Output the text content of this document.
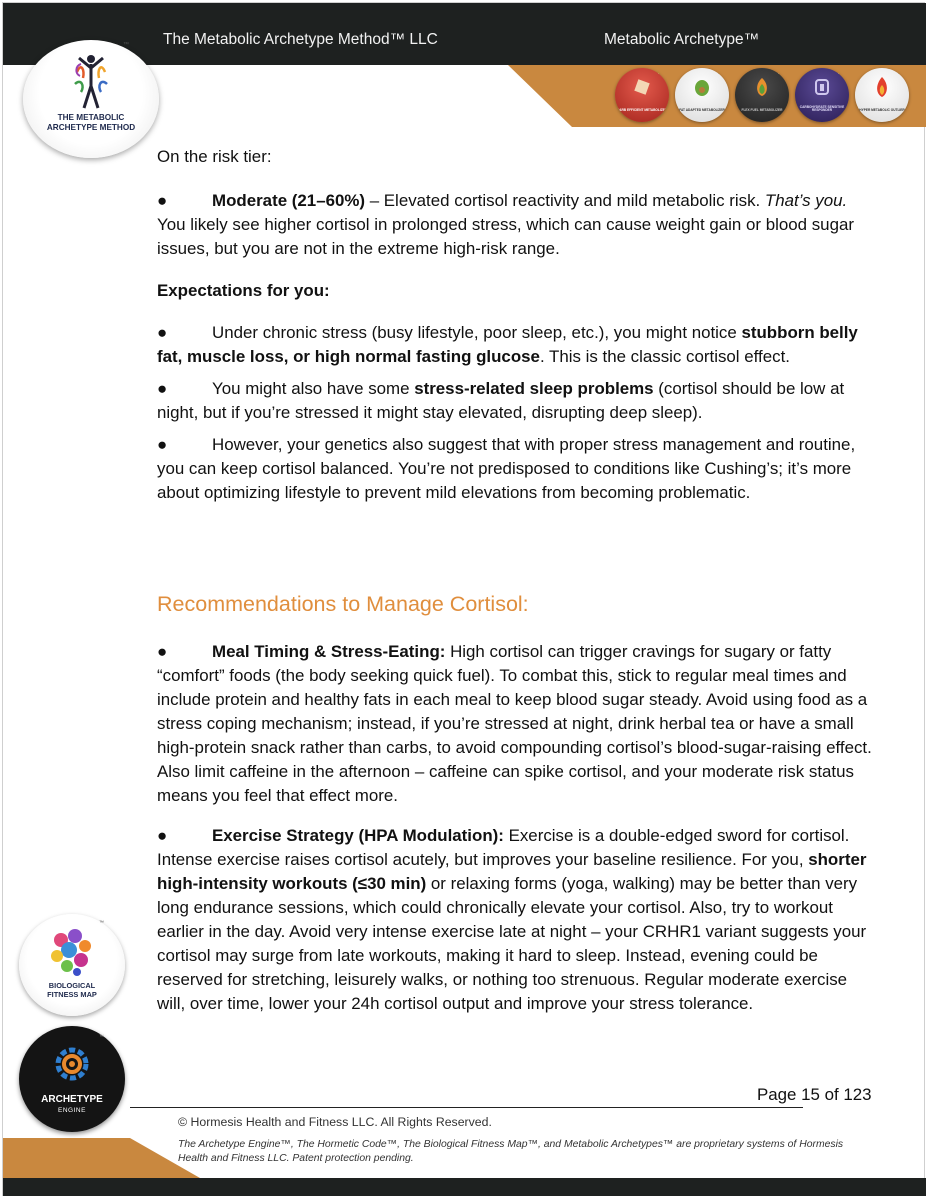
The Metabolic Archetype Method™ LLC	Metabolic Archetype™
™
THE METABOLIC
ARCHETYPE METHOD
™
CARB EFFICIENT METABOLIZER
™
FAT ADAPTED METABOLIZER
™
FLEX FUEL METABOLIZER
™
CARBOHYDRATE SENSITIVE RESPONDER
™
HYPER METABOLIC OUTLIER

On the risk tier:

●	Moderate (21–60%) – Elevated cortisol reactivity and mild metabolic risk. That’s you. You likely see higher cortisol in prolonged stress, which can cause weight gain or blood sugar issues, but you are not in the extreme high-risk range.

Expectations for you:

●	Under chronic stress (busy lifestyle, poor sleep, etc.), you might notice stubborn belly fat, muscle loss, or high normal fasting glucose. This is the classic cortisol effect.

●	You might also have some stress-related sleep problems (cortisol should be low at night, but if you’re stressed it might stay elevated, disrupting deep sleep).

●	However, your genetics also suggest that with proper stress management and routine, you can keep cortisol balanced. You’re not predisposed to conditions like Cushing’s; it’s more about optimizing lifestyle to prevent mild elevations from becoming problematic.

Recommendations to Manage Cortisol:

●	Meal Timing & Stress-Eating: High cortisol can trigger cravings for sugary or fatty “comfort” foods (the body seeking quick fuel). To combat this, stick to regular meal times and include protein and healthy fats in each meal to keep blood sugar steady. Avoid using food as a stress coping mechanism; instead, if you’re stressed at night, drink herbal tea or have a small high-protein snack rather than carbs, to avoid compounding cortisol’s blood-sugar-raising effect. Also limit caffeine in the afternoon – caffeine can spike cortisol, and your moderate risk status means you feel that effect more.

●	Exercise Strategy (HPA Modulation): Exercise is a double-edged sword for cortisol. Intense exercise raises cortisol acutely, but improves your baseline resilience. For you, shorter high-intensity workouts (≤30 min) or relaxing forms (yoga, walking) may be better than very long endurance sessions, which could chronically elevate your cortisol. Also, try to workout earlier in the day. Avoid very intense exercise late at night – your CRHR1 variant suggests your cortisol may surge from late workouts, making it hard to sleep. Instead, evening could be reserved for stretching, leisurely walks, or nothing too strenuous. Regular moderate exercise will, over time, lower your 24h cortisol output and improve your stress tolerance.

™
BIOLOGICAL
FITNESS MAP
™
ARCHETYPE
ENGINE
Page 15 of 123
© Hormesis Health and Fitness LLC. All Rights Reserved.
The Archetype Engine™, The Hormetic Code™, The Biological Fitness Map™, and Metabolic Archetypes™ are proprietary systems of Hormesis Health and Fitness LLC. Patent protection pending.
